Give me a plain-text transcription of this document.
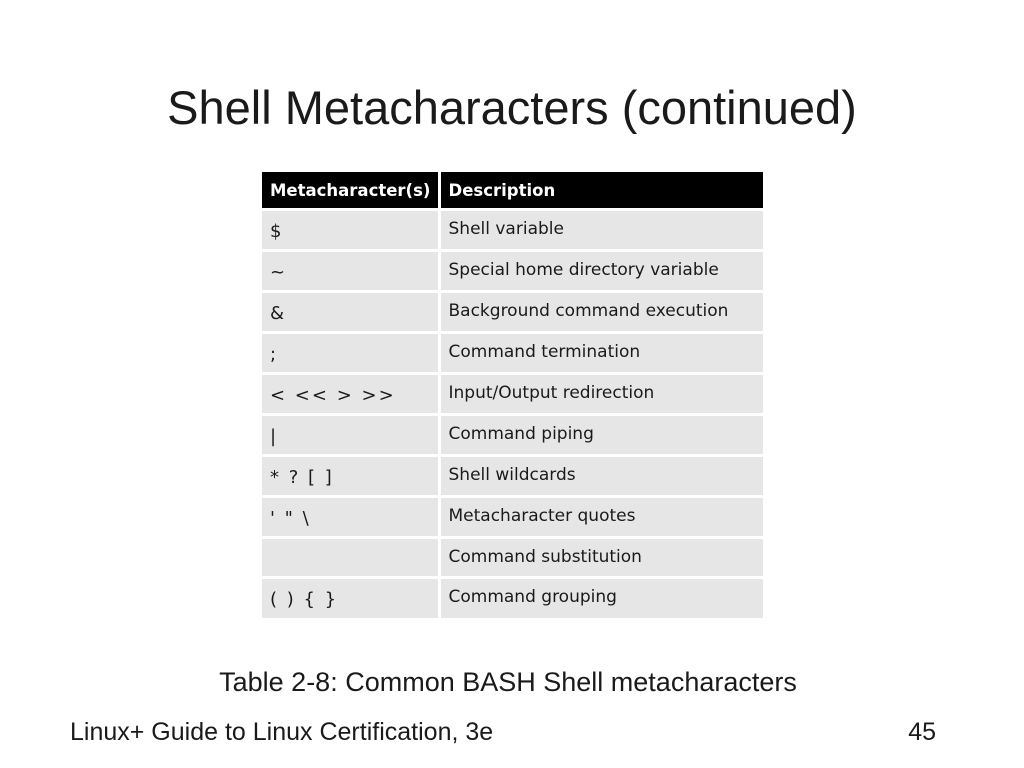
Shell Metacharacters (continued)
Metacharacter(s)	Description
$	Shell variable
~	Special home directory variable
&	Background command execution
;	Command termination
< << > >>	Input/Output redirection
|	Command piping
* ? [ ]	Shell wildcards
' " \	Metacharacter quotes
	Command substitution
( ) { }	Command grouping
Table 2-8: Common BASH Shell metacharacters
Linux+ Guide to Linux Certification, 3e	45
